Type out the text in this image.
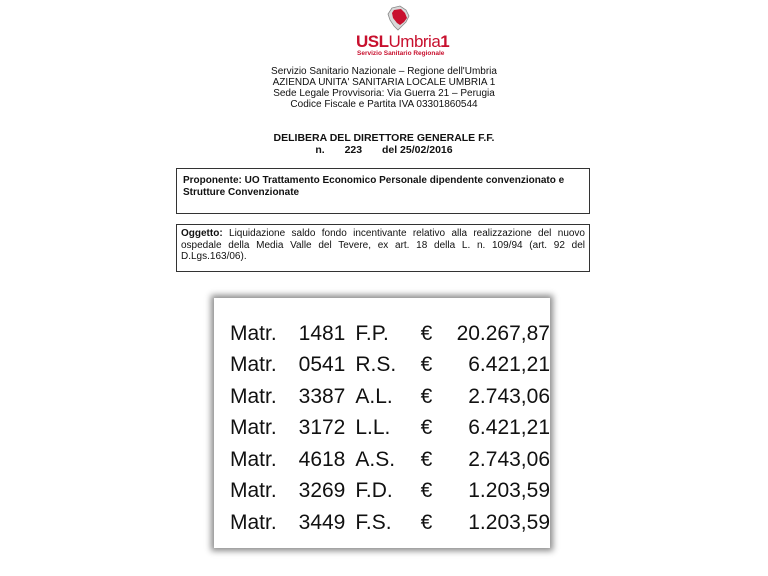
USLUmbria1
Servizio Sanitario Regionale
Servizio Sanitario Nazionale – Regione dell'Umbria
AZIENDA UNITA' SANITARIA LOCALE UMBRIA 1
Sede Legale Provvisoria: Via Guerra 21 – Perugia
Codice Fiscale e Partita IVA 03301860544
DELIBERA DEL DIRETTORE GENERALE F.F.
n. 223 del 25/02/2016
Proponente: UO Trattamento Economico Personale dipendente convenzionato e Strutture Convenzionate
Oggetto: Liquidazione saldo fondo incentivante relativo alla realizzazione del nuovo ospedale della Media Valle del Tevere, ex art. 18 della L. n. 109/94 (art. 92 del D.Lgs.163/06).
Matr.	1481	F.P.	€	20.267,87
Matr.	0541	R.S.	€	6.421,21
Matr.	3387	A.L.	€	2.743,06
Matr.	3172	L.L.	€	6.421,21
Matr.	4618	A.S.	€	2.743,06
Matr.	3269	F.D.	€	1.203,59
Matr.	3449	F.S.	€	1.203,59
